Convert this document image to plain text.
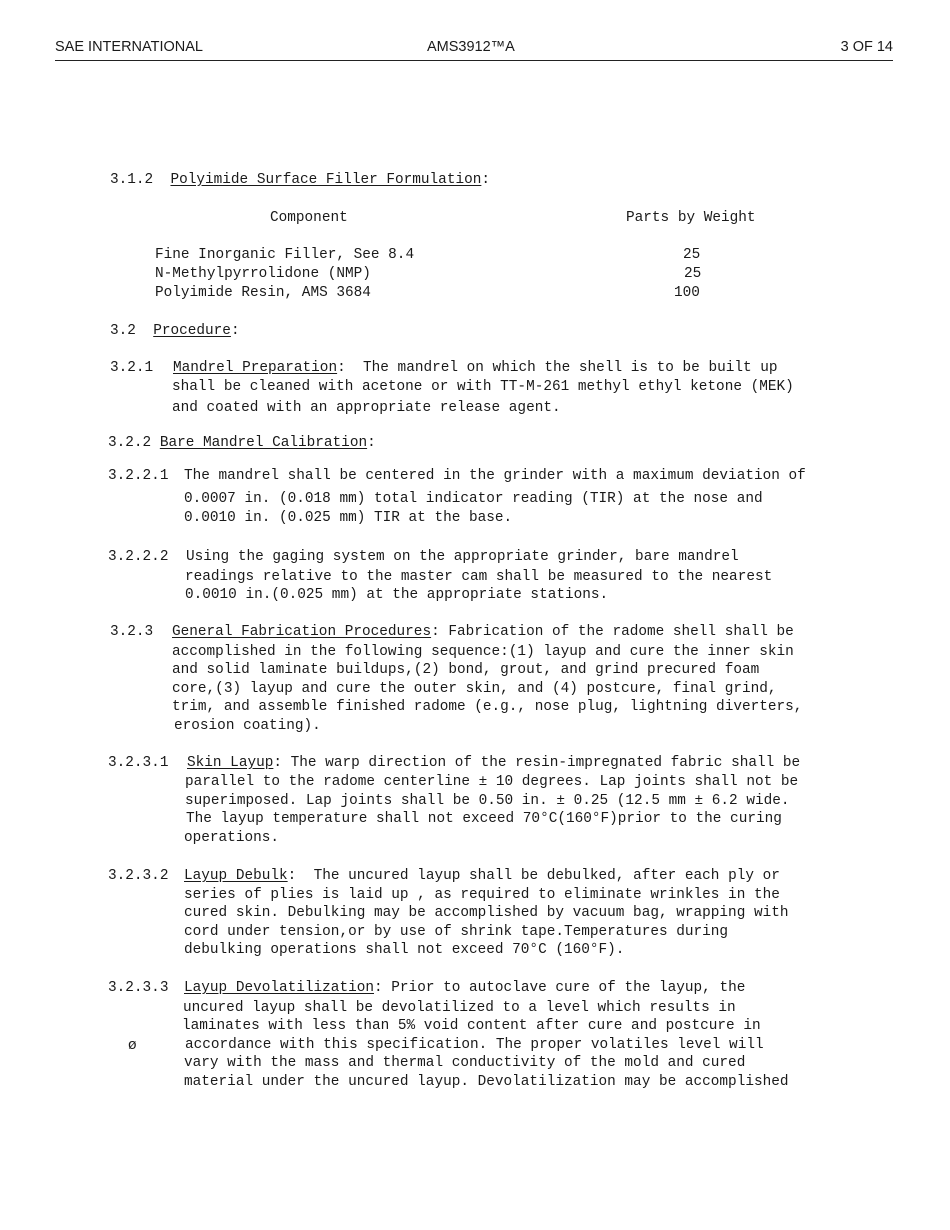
SAE INTERNATIONAL	AMS3912™A	3 OF 14
3.1.2 Polyimide Surface Filler Formulation:
Component	Parts by Weight
Fine Inorganic Filler, See 8.4	25
N-Methylpyrrolidone (NMP)	25
Polyimide Resin, AMS 3684	100
3.2 Procedure:
3.2.1 Mandrel Preparation:  The mandrel on which the shell is to be built up
shall be cleaned with acetone or with TT-M-261 methyl ethyl ketone (MEK)
and coated with an appropriate release agent.
3.2.2 Bare Mandrel Calibration:
3.2.2.1 The mandrel shall be centered in the grinder with a maximum deviation of
0.0007 in. (0.018 mm) total indicator reading (TIR) at the nose and
0.0010 in. (0.025 mm) TIR at the base.
3.2.2.2 Using the gaging system on the appropriate grinder, bare mandrel
readings relative to the master cam shall be measured to the nearest
0.0010 in.(0.025 mm) at the appropriate stations.
3.2.3 General Fabrication Procedures: Fabrication of the radome shell shall be
accomplished in the following sequence:(1) layup and cure the inner skin
and solid laminate buildups,(2) bond, grout, and grind precured foam
core,(3) layup and cure the outer skin, and (4) postcure, final grind,
trim, and assemble finished radome (e.g., nose plug, lightning diverters,
erosion coating).
3.2.3.1 Skin Layup: The warp direction of the resin-impregnated fabric shall be
parallel to the radome centerline ± 10 degrees. Lap joints shall not be
superimposed. Lap joints shall be 0.50 in. ± 0.25 (12.5 mm ± 6.2 wide.
The layup temperature shall not exceed 70°C(160°F)prior to the curing
operations.
3.2.3.2 Layup Debulk:  The uncured layup shall be debulked, after each ply or
series of plies is laid up , as required to eliminate wrinkles in the
cured skin. Debulking may be accomplished by vacuum bag, wrapping with
cord under tension,or by use of shrink tape.Temperatures during
debulking operations shall not exceed 70°C (160°F).
3.2.3.3 Layup Devolatilization: Prior to autoclave cure of the layup, the
uncured layup shall be devolatilized to a level which results in
laminates with less than 5% void content after cure and postcure in
ø	accordance with this specification. The proper volatiles level will
vary with the mass and thermal conductivity of the mold and cured
material under the uncured layup. Devolatilization may be accomplished
